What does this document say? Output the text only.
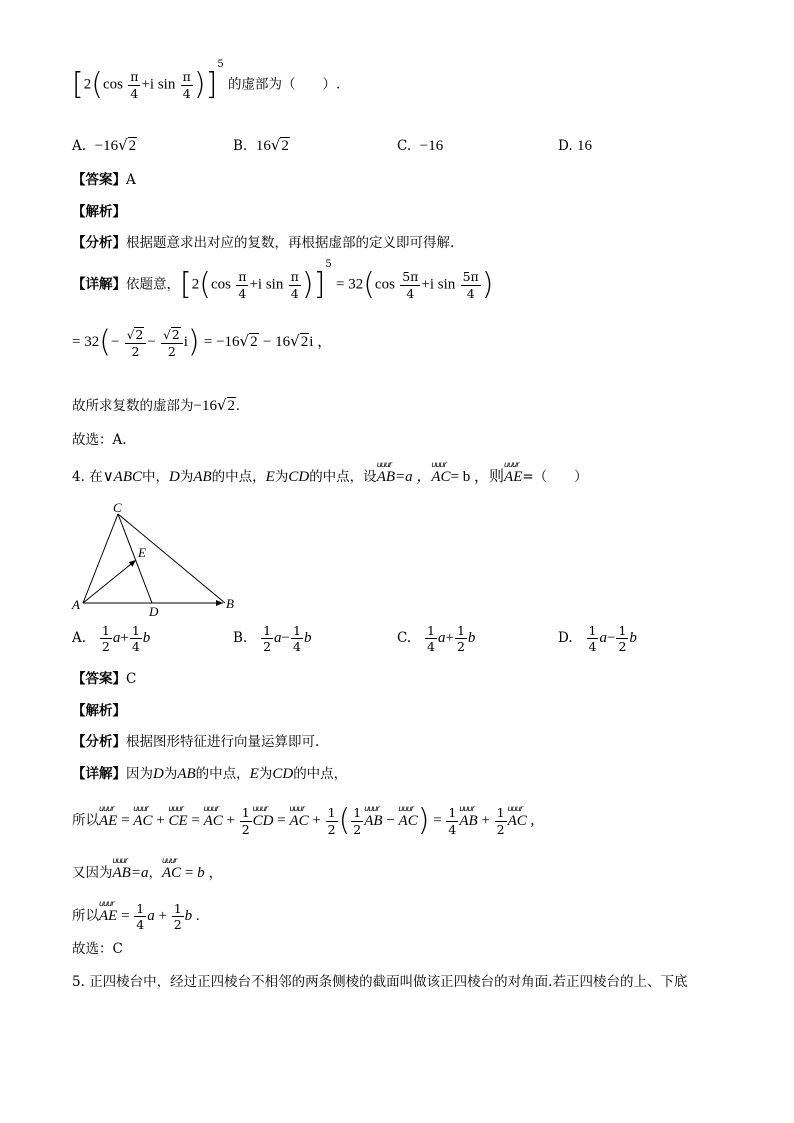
[$2(\cos \frac{\pi}{4} +i$ $\sin \frac{\pi}{4} )]^5$ 的虚部为（　　）.
A. −16√2	B. 16√2	C. −16	D. 16
【答案】A
【解析】
【分析】根据题意求出对应的复数，再根据虚部的定义即可得解.
【详解】依题意，[$2(\cos \frac{\pi}{4} +i$ $\sin \frac{\pi}{4} )]^5 = 32(\cos \frac{5\pi}{4} +i$ $\sin \frac{5\pi}{4}$ )
= $32(- \frac{√2}{2} - \frac{√2}{2} i) = -16√2 - 16√2i$ ，
故所求复数的虚部为−16√2.
故选：A.
4. 在∨ABC中，D为AB的中点，E为CD的中点，设
uuur
AB=a ，
uuur
AC= b ，则
uuur
AE=（　　）
A	B
C
D
E
A. $\frac{1}{2} a+ \frac{1}{4}$ b	B. $\frac{1}{2} a- \frac{1}{4}$ b	C. $\frac{1}{4} a+ \frac{1}{2}$ b	D. $\frac{1}{4} a- \frac{1}{2}$ b
【答案】C
【解析】
【分析】根据图形特征进行向量运算即可.
【详解】因为D为AB的中点，E为CD的中点，
所以
uuur
AE =
uuur
AC +
uuur
CE =
uuur
AC + $\frac{1}{2}$ uuur
CD =
uuur
AC + $\frac{1}{2}$ ( $\frac{1}{2}$ uuur
AB −
uuur
$AC) = \frac{1}{4}$ uuur
AB + $\frac{1}{2}$ uuur
AC ,
又因为
uuur
AB=a，
uuur
AC = b ，
所以
uuur
AE = $\frac{1}{4}$ $a + \frac{1}{2}$ b .
故选：C
5. 正四棱台中，经过正四棱台不相邻的两条侧棱的截面叫做该正四棱台的对角面.若正四棱台的上、下底
